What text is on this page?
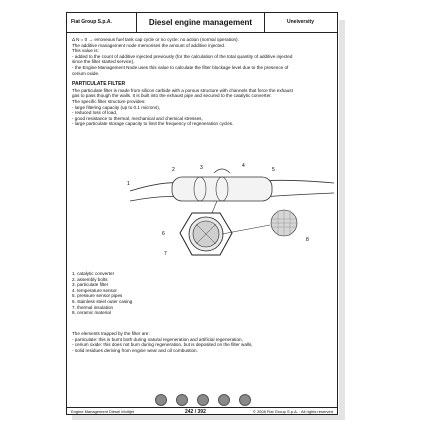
Fiat Group S.p.A.	Diesel engine management	Uneiversity

Δ N = 0 → erroneous fuel tank cap cycle or no cycle: no action (normal operation).

The additive management node memorises the amount of additive injected.

This value is:

- added to the count of additive injected previously (for the calculation of the total quantity of additive injected

since the filter started service),

- the Engine Management Node uses this value to calculate the filter blockage level due to the presence of

cerium oxide.

PARTICULATE FILTER

The particulate filter is made from silicon carbide with a porous structure with channels that force the exhaust

gas to pass though the walls. It is built into the exhaust pipe and secured to the catalytic converter.

The specific filter structure provides:

- large filtering capacity (up to 0.1 microns),

- reduced loss of load,

- good resistance to thermal, mechanical and chemical stresses,

- large particulate storage capacity to limit the frequency of regeneration cycles.

1
2	3	4
5
6
7
8

1. catalytic converter

2. assembly bolts

3. particulate filter

4. temperature sensor

5. pressure sensor pipes

6. stainless steel outer casing

7. thermal insulation

8. ceramic material

The elements trapped by the filter are:

- particulate: this is burnt both during natural regeneration and artificial regeneration,

- cerium oxide: this does not burn during regeneration, but is deposited on the filter walls,

- solid residues deriving from engine wear and oil combustion.

Engine Management Diesel Multijet	242 / 392	© 2008 Fiat Group S.p.A. . All rights reserved
